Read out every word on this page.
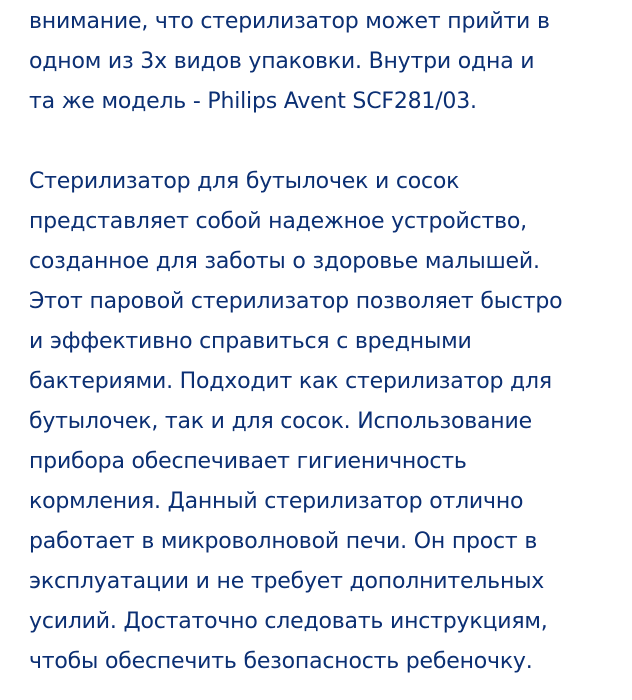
внимание, что стерилизатор может прийти в
одном из 3х видов упаковки. Внутри одна и
та же модель - Philips Avent SCF281/03.

Стерилизатор для бутылочек и сосок
представляет собой надежное устройство,
созданное для заботы о здоровье малышей.
Этот паровой стерилизатор позволяет быстро
и эффективно справиться с вредными
бактериями. Подходит как стерилизатор для
бутылочек, так и для сосок. Использование
прибора обеспечивает гигиеничность
кормления. Данный стерилизатор отлично
работает в микроволновой печи. Он прост в
эксплуатации и не требует дополнительных
усилий. Достаточно следовать инструкциям,
чтобы обеспечить безопасность ребеночку.
